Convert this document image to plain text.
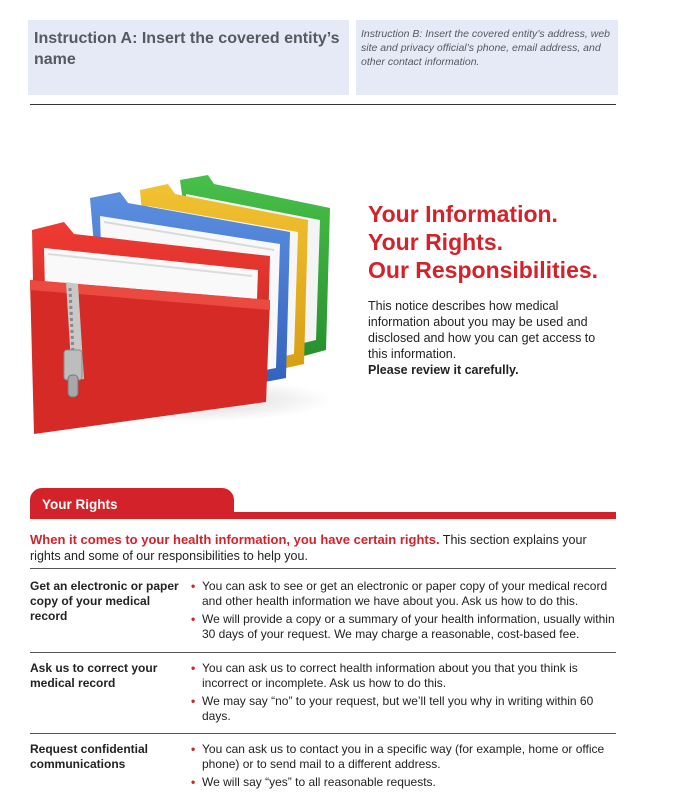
Instruction A: Insert the covered entity’s name
Instruction B: Insert the covered entity’s address, web site and privacy official’s phone, email address, and other contact information.
Your Information.
Your Rights.
Our Responsibilities.
This notice describes how medical information about you may be used and disclosed and how you can get access to this information.
Please review it carefully.
Your Rights
When it comes to your health information, you have certain rights. This section explains your rights and some of our responsibilities to help you.
Get an electronic or paper copy of your medical record
• You can ask to see or get an electronic or paper copy of your medical record and other health information we have about you. Ask us how to do this.
• We will provide a copy or a summary of your health information, usually within 30 days of your request. We may charge a reasonable, cost-based fee.
Ask us to correct your medical record
• You can ask us to correct health information about you that you think is incorrect or incomplete. Ask us how to do this.
• We may say “no” to your request, but we’ll tell you why in writing within 60 days.
Request confidential communications
• You can ask us to contact you in a specific way (for example, home or office phone) or to send mail to a different address.
• We will say “yes” to all reasonable requests.
